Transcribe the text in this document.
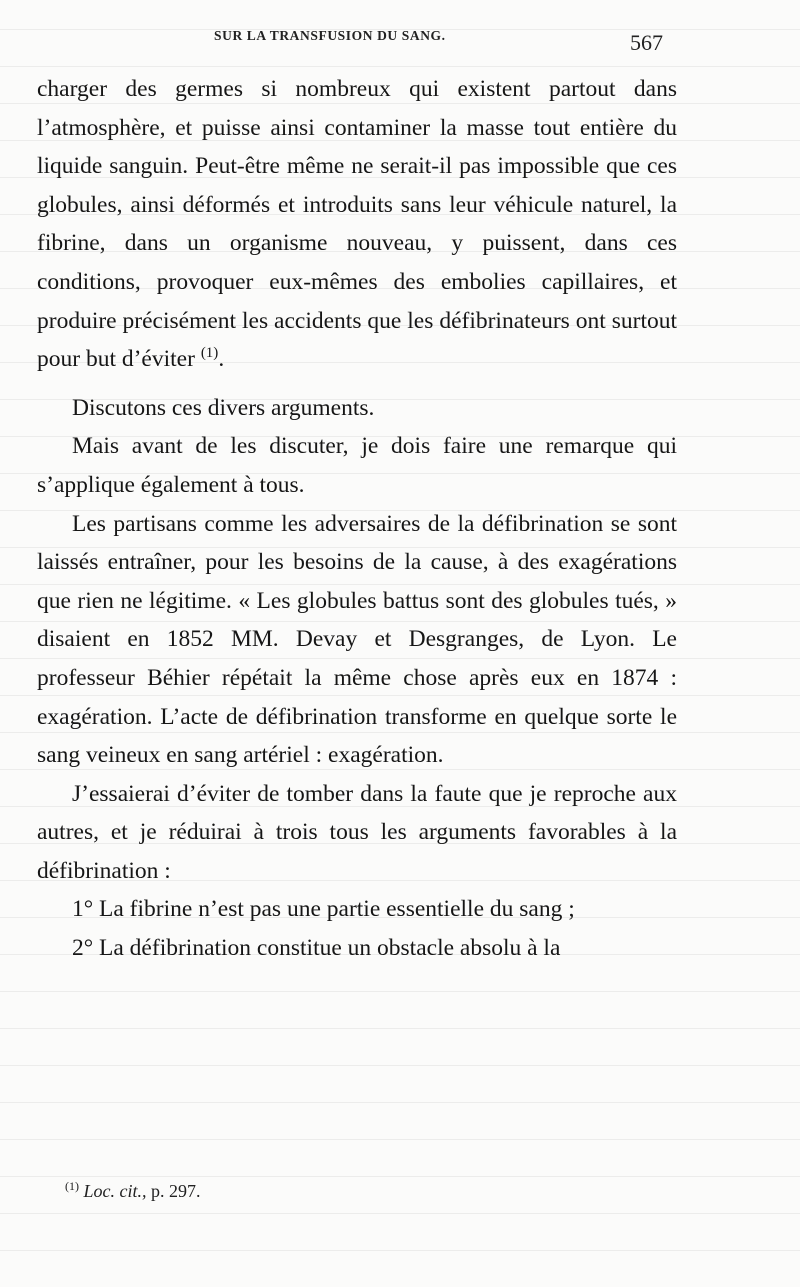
SUR LA TRANSFUSION DU SANG.	567

charger des germes si nombreux qui existent partout dans l’atmosphère, et puisse ainsi contaminer la masse tout entière du liquide sanguin. Peut-être même ne serait-il pas impossible que ces globules, ainsi déformés et introduits sans leur véhicule naturel, la fibrine, dans un organisme nouveau, y puissent, dans ces conditions, provoquer eux-mêmes des embolies capillaires, et produire précisément les accidents que les défibrinateurs ont surtout pour but d’éviter $^{(1)}$.

Discutons ces divers arguments.

Mais avant de les discuter, je dois faire une remarque qui s’applique également à tous.

Les partisans comme les adversaires de la défibrination se sont laissés entraîner, pour les besoins de la cause, à des exagérations que rien ne légitime. « Les globules battus sont des globules tués, » disaient en 1852 MM. Devay et Desgranges, de Lyon. Le professeur Béhier répétait la même chose après eux en 1874 : exagération. L’acte de défibrination transforme en quelque sorte le sang veineux en sang artériel : exagération.

J’essaierai d’éviter de tomber dans la faute que je reproche aux autres, et je réduirai à trois tous les arguments favorables à la défibrination :

1° La fibrine n’est pas une partie essentielle du sang ;

2° La défibrination constitue un obstacle absolu à la

$^{(1)}$ Loc. cit., p. 297.
